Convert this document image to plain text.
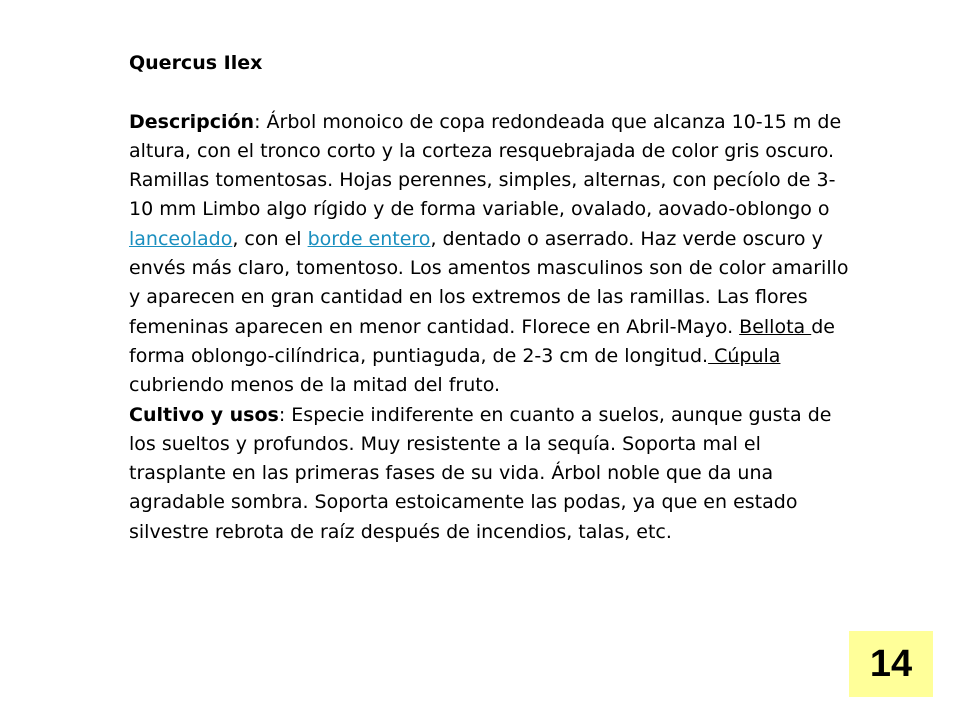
Quercus Ilex

Descripción: Árbol monoico de copa redondeada que alcanza 10-15 m de altura, con el tronco corto y la corteza resquebrajada de color gris oscuro. Ramillas tomentosas. Hojas perennes, simples, alternas, con pecíolo de 3-10 mm Limbo algo rígido y de forma variable, ovalado, aovado-oblongo o lanceolado, con el borde entero, dentado o aserrado. Haz verde oscuro y envés más claro, tomentoso. Los amentos masculinos son de color amarillo y aparecen en gran cantidad en los extremos de las ramillas. Las flores femeninas aparecen en menor cantidad. Florece en Abril-Mayo. Bellota de forma oblongo-cilíndrica, puntiaguda, de 2-3 cm de longitud. Cúpula cubriendo menos de la mitad del fruto.

Cultivo y usos: Especie indiferente en cuanto a suelos, aunque gusta de los sueltos y profundos. Muy resistente a la sequía. Soporta mal el trasplante en las primeras fases de su vida. Árbol noble que da una agradable sombra. Soporta estoicamente las podas, ya que en estado silvestre rebrota de raíz después de incendios, talas, etc.

14
